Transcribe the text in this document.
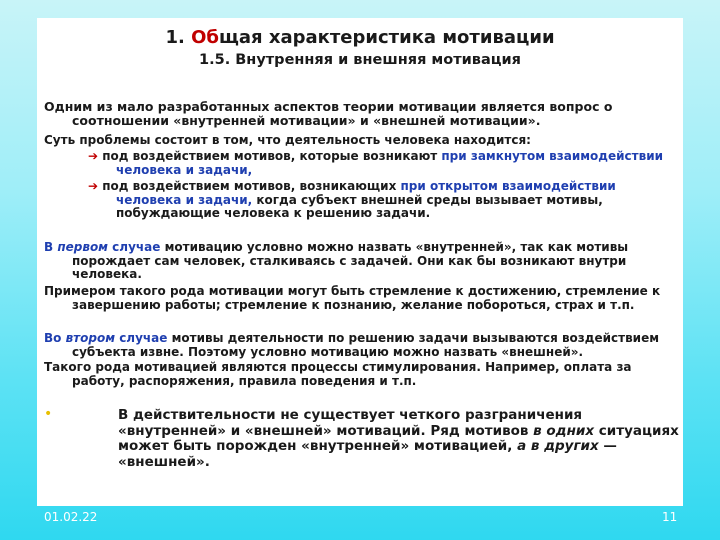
1. Общая характеристика мотивации
1.5. Внутренняя и внешняя мотивация
Одним из мало разработанных аспектов теории мотивации является вопрос о соотношении «внутренней мотивации» и «внешней мотивации».
Суть проблемы состоит в том, что деятельность человека находится:
➔ под воздействием мотивов, которые возникают при замкнутом взаимодействии человека и задачи,
➔ под воздействием мотивов, возникающих при открытом взаимодействии человека и задачи, когда субъект внешней среды вызывает мотивы, побуждающие человека к решению задачи.
В первом случае мотивацию условно можно назвать «внутренней», так как мотивы порождает сам человек, сталкиваясь с задачей. Они как бы возникают внутри человека.
Примером такого рода мотивации могут быть стремление к достижению, стремление к завершению работы; стремление к познанию, желание побороться, страх и т.п.
Во втором случае мотивы деятельности по решению задачи вызываются воздействием субъекта извне. Поэтому условно мотивацию можно назвать «внешней».
Такого рода мотивацией являются процессы стимулирования. Например, оплата за работу, распоряжения, правила поведения и т.п.
•	В действительности не существует четкого разграничения «внутренней» и «внешней» мотиваций. Ряд мотивов в одних ситуациях может быть порожден «внутренней» мотивацией, а в других — «внешней».
01.02.22	11
